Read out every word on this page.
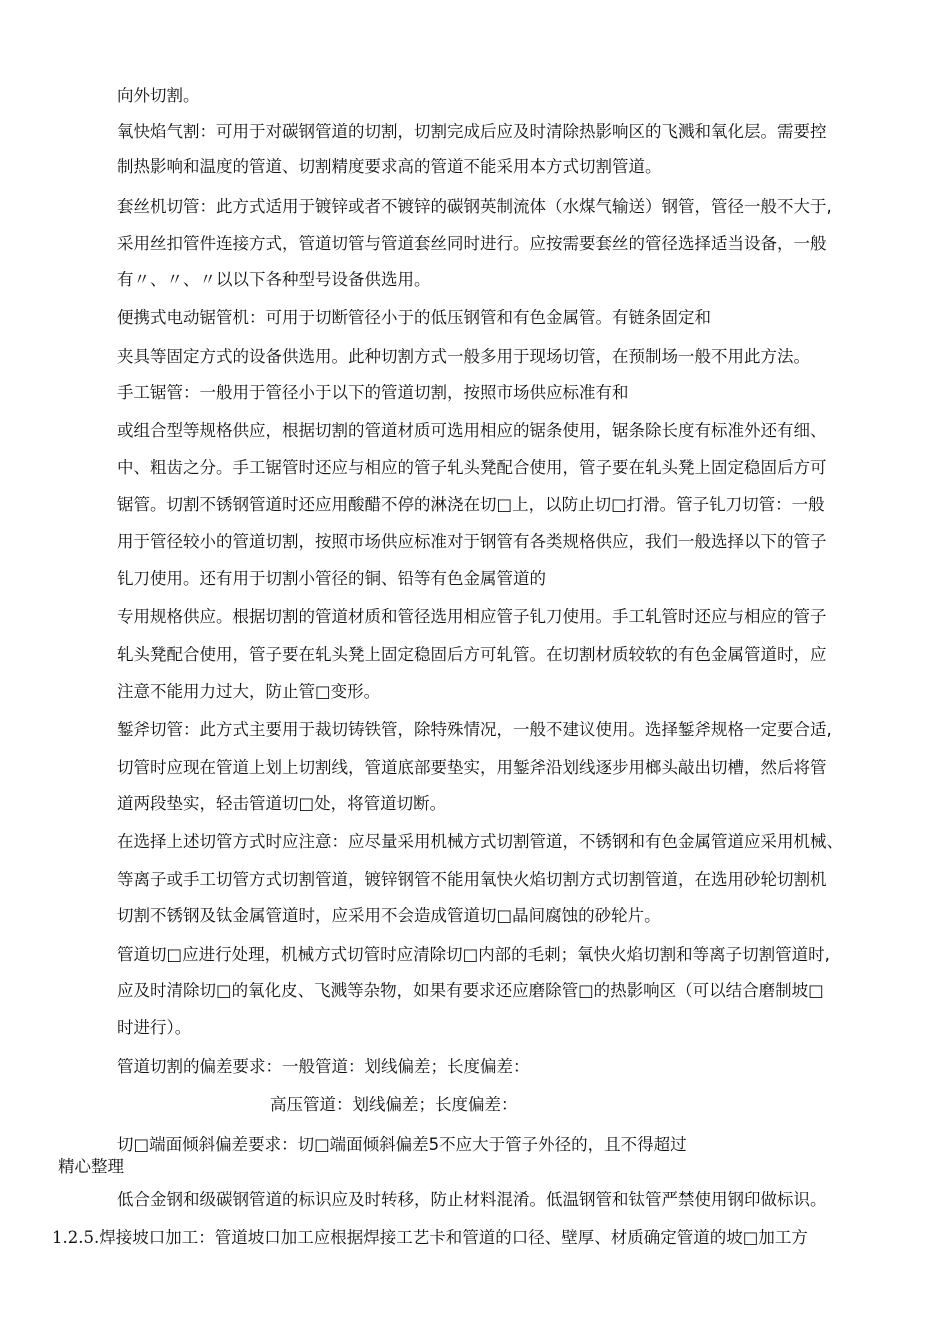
向外切割。
氧快焰气割：可用于对碳钢管道的切割，切割完成后应及时清除热影响区的飞溅和氧化层。需要控
制热影响和温度的管道、切割精度要求高的管道不能采用本方式切割管道。
套丝机切管：此方式适用于镀锌或者不镀锌的碳钢英制流体（水煤气输送）钢管，管径一般不大于,
采用丝扣管件连接方式，管道切管与管道套丝同时进行。应按需要套丝的管径选择适当设备，一般
有〃、〃、〃以以下各种型号设备供选用。
便携式电动锯管机：可用于切断管径小于的低压钢管和有色金属管。有链条固定和
夹具等固定方式的设备供选用。此种切割方式一般多用于现场切管，在预制场一般不用此方法。
手工锯管：一般用于管径小于以下的管道切割，按照市场供应标准有和
或组合型等规格供应，根据切割的管道材质可选用相应的锯条使用，锯条除长度有标准外还有细、
中、粗齿之分。手工锯管时还应与相应的管子轧头凳配合使用，管子要在轧头凳上固定稳固后方可
锯管。切割不锈钢管道时还应用酸醋不停的淋浇在切□上，以防止切□打滑。管子钆刀切管：一般
用于管径较小的管道切割，按照市场供应标准对于钢管有各类规格供应，我们一般选择以下的管子
钆刀使用。还有用于切割小管径的铜、铅等有色金属管道的
专用规格供应。根据切割的管道材质和管径选用相应管子钆刀使用。手工轧管时还应与相应的管子
轧头凳配合使用，管子要在轧头凳上固定稳固后方可轧管。在切割材质较软的有色金属管道时，应
注意不能用力过大，防止管□变形。
錾斧切管：此方式主要用于裁切铸铁管，除特殊情况，一般不建议使用。选择錾斧规格一定要合适,
切管时应现在管道上划上切割线，管道底部要垫实，用錾斧沿划线逐步用榔头敲出切槽，然后将管
道两段垫实，轻击管道切□处，将管道切断。
在选择上述切管方式时应注意：应尽量采用机械方式切割管道，不锈钢和有色金属管道应采用机械、
等离子或手工切管方式切割管道，镀锌钢管不能用氧快火焰切割方式切割管道，在选用砂轮切割机
切割不锈钢及钛金属管道时，应采用不会造成管道切□晶间腐蚀的砂轮片。
管道切□应进行处理，机械方式切管时应清除切□内部的毛刺；氧快火焰切割和等离子切割管道时,
应及时清除切□的氧化皮、飞溅等杂物，如果有要求还应磨除管□的热影响区（可以结合磨制坡□
时进行）。
管道切割的偏差要求：一般管道：划线偏差；长度偏差：
高压管道：划线偏差；长度偏差：
切□端面倾斜偏差要求：切□端面倾斜偏差5不应大于管子外径的，且不得超过
精心整理
低合金钢和级碳钢管道的标识应及时转移，防止材料混淆。低温钢管和钛管严禁使用钢印做标识。
1.2.5.焊接坡口加工：管道坡口加工应根据焊接工艺卡和管道的口径、壁厚、材质确定管道的坡□加工方
